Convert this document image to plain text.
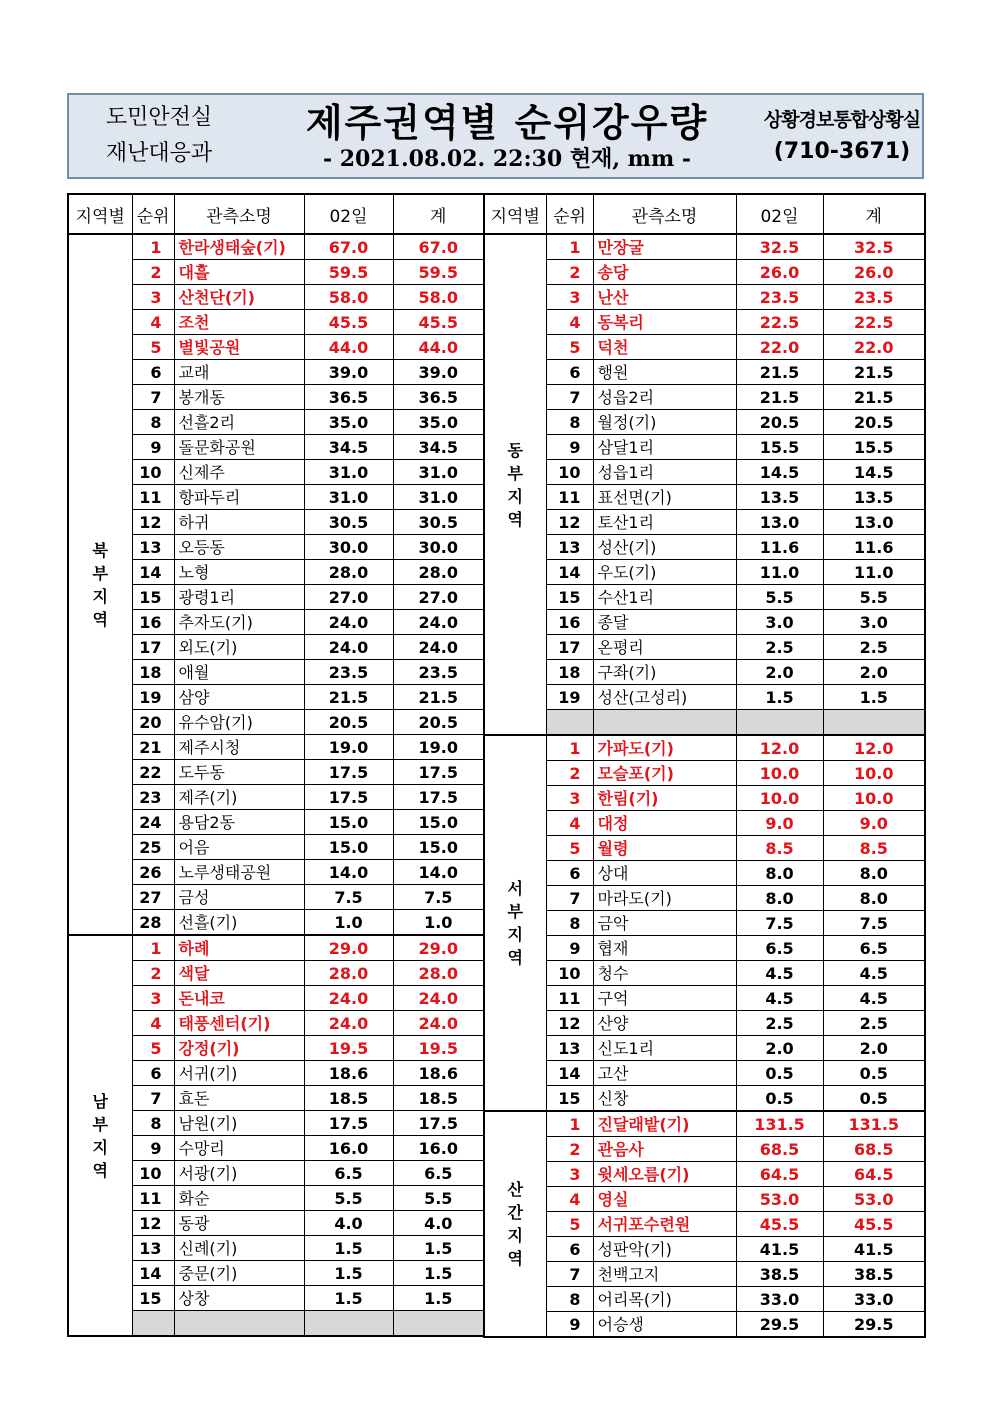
도민안전실
재난대응과
제주권역별 순위강우량
- 2021.08.02. 22:30 현재, mm -
상황경보통합상황실
(710-3671)
지역별	순위	관측소명	02일	계
북
부
지
역	1	한라생태숲(기)	67.0	67.0
	2	대흘	59.5	59.5
	3	산천단(기)	58.0	58.0
	4	조천	45.5	45.5
	5	별빛공원	44.0	44.0
	6	교래	39.0	39.0
	7	봉개동	36.5	36.5
	8	선흘2리	35.0	35.0
	9	돌문화공원	34.5	34.5
	10	신제주	31.0	31.0
	11	항파두리	31.0	31.0
	12	하귀	30.5	30.5
	13	오등동	30.0	30.0
	14	노형	28.0	28.0
	15	광령1리	27.0	27.0
	16	추자도(기)	24.0	24.0
	17	외도(기)	24.0	24.0
	18	애월	23.5	23.5
	19	삼양	21.5	21.5
	20	유수암(기)	20.5	20.5
	21	제주시청	19.0	19.0
	22	도두동	17.5	17.5
	23	제주(기)	17.5	17.5
	24	용담2동	15.0	15.0
	25	어음	15.0	15.0
	26	노루생태공원	14.0	14.0
	27	금성	7.5	7.5
	28	선흘(기)	1.0	1.0
남
부
지
역	1	하례	29.0	29.0
	2	색달	28.0	28.0
	3	돈내코	24.0	24.0
	4	태풍센터(기)	24.0	24.0
	5	강정(기)	19.5	19.5
	6	서귀(기)	18.6	18.6
	7	효돈	18.5	18.5
	8	남원(기)	17.5	17.5
	9	수망리	16.0	16.0
	10	서광(기)	6.5	6.5
	11	화순	5.5	5.5
	12	동광	4.0	4.0
	13	신례(기)	1.5	1.5
	14	중문(기)	1.5	1.5
	15	상창	1.5	1.5

지역별	순위	관측소명	02일	계
동
부
지
역	1	만장굴	32.5	32.5
	2	송당	26.0	26.0
	3	난산	23.5	23.5
	4	동복리	22.5	22.5
	5	덕천	22.0	22.0
	6	행원	21.5	21.5
	7	성읍2리	21.5	21.5
	8	월정(기)	20.5	20.5
	9	삼달1리	15.5	15.5
	10	성읍1리	14.5	14.5
	11	표선면(기)	13.5	13.5
	12	토산1리	13.0	13.0
	13	성산(기)	11.6	11.6
	14	우도(기)	11.0	11.0
	15	수산1리	5.5	5.5
	16	종달	3.0	3.0
	17	온평리	2.5	2.5
	18	구좌(기)	2.0	2.0
	19	성산(고성리)	1.5	1.5

서
부
지
역	1	가파도(기)	12.0	12.0
	2	모슬포(기)	10.0	10.0
	3	한림(기)	10.0	10.0
	4	대정	9.0	9.0
	5	월령	8.5	8.5
	6	상대	8.0	8.0
	7	마라도(기)	8.0	8.0
	8	금악	7.5	7.5
	9	협재	6.5	6.5
	10	청수	4.5	4.5
	11	구억	4.5	4.5
	12	산양	2.5	2.5
	13	신도1리	2.0	2.0
	14	고산	0.5	0.5
	15	신창	0.5	0.5
산
간
지
역	1	진달래밭(기)	131.5	131.5
	2	관음사	68.5	68.5
	3	윗세오름(기)	64.5	64.5
	4	영실	53.0	53.0
	5	서귀포수련원	45.5	45.5
	6	성판악(기)	41.5	41.5
	7	천백고지	38.5	38.5
	8	어리목(기)	33.0	33.0
	9	어승생	29.5	29.5
